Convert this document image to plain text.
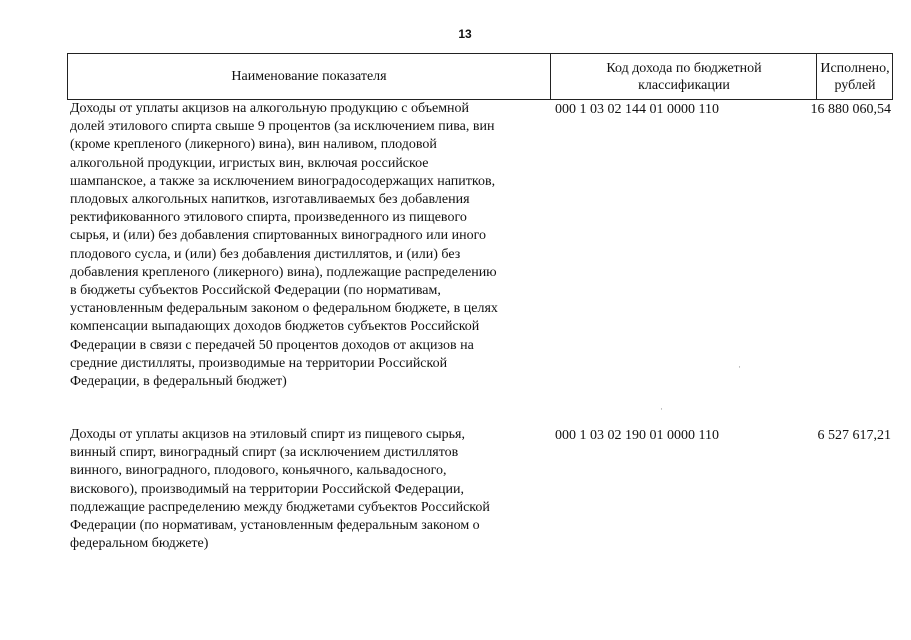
13
Наименование показателя
Код дохода по бюджетной классификации
Исполнено, рублей
Доходы от уплаты акцизов на алкогольную продукцию с объемной
долей этилового спирта свыше 9 процентов (за исключением пива, вин
(кроме крепленого (ликерного) вина), вин наливом, плодовой
алкогольной продукции, игристых вин, включая российское
шампанское, а также за исключением виноградосодержащих напитков,
плодовых алкогольных напитков, изготавливаемых без добавления
ректификованного этилового спирта, произведенного из пищевого
сырья, и (или) без добавления спиртованных виноградного или иного
плодового сусла, и (или) без добавления дистиллятов, и (или) без
добавления крепленого (ликерного) вина), подлежащие распределению
в бюджеты субъектов Российской Федерации (по нормативам,
установленным федеральным законом о федеральном бюджете, в целях
компенсации выпадающих доходов бюджетов субъектов Российской
Федерации в связи с передачей 50 процентов доходов от акцизов на
средние дистилляты, производимые на территории Российской
Федерации, в федеральный бюджет)
000 1 03 02 144 01 0000 110	16 880 060,54
Доходы от уплаты акцизов на этиловый спирт из пищевого сырья,
винный спирт, виноградный спирт (за исключением дистиллятов
винного, виноградного, плодового, коньячного, кальвадосного,
вискового), производимый на территории Российской Федерации,
подлежащие распределению между бюджетами субъектов Российской
Федерации (по нормативам, установленным федеральным законом о
федеральном бюджете)
000 1 03 02 190 01 0000 110	6 527 617,21
·
·
